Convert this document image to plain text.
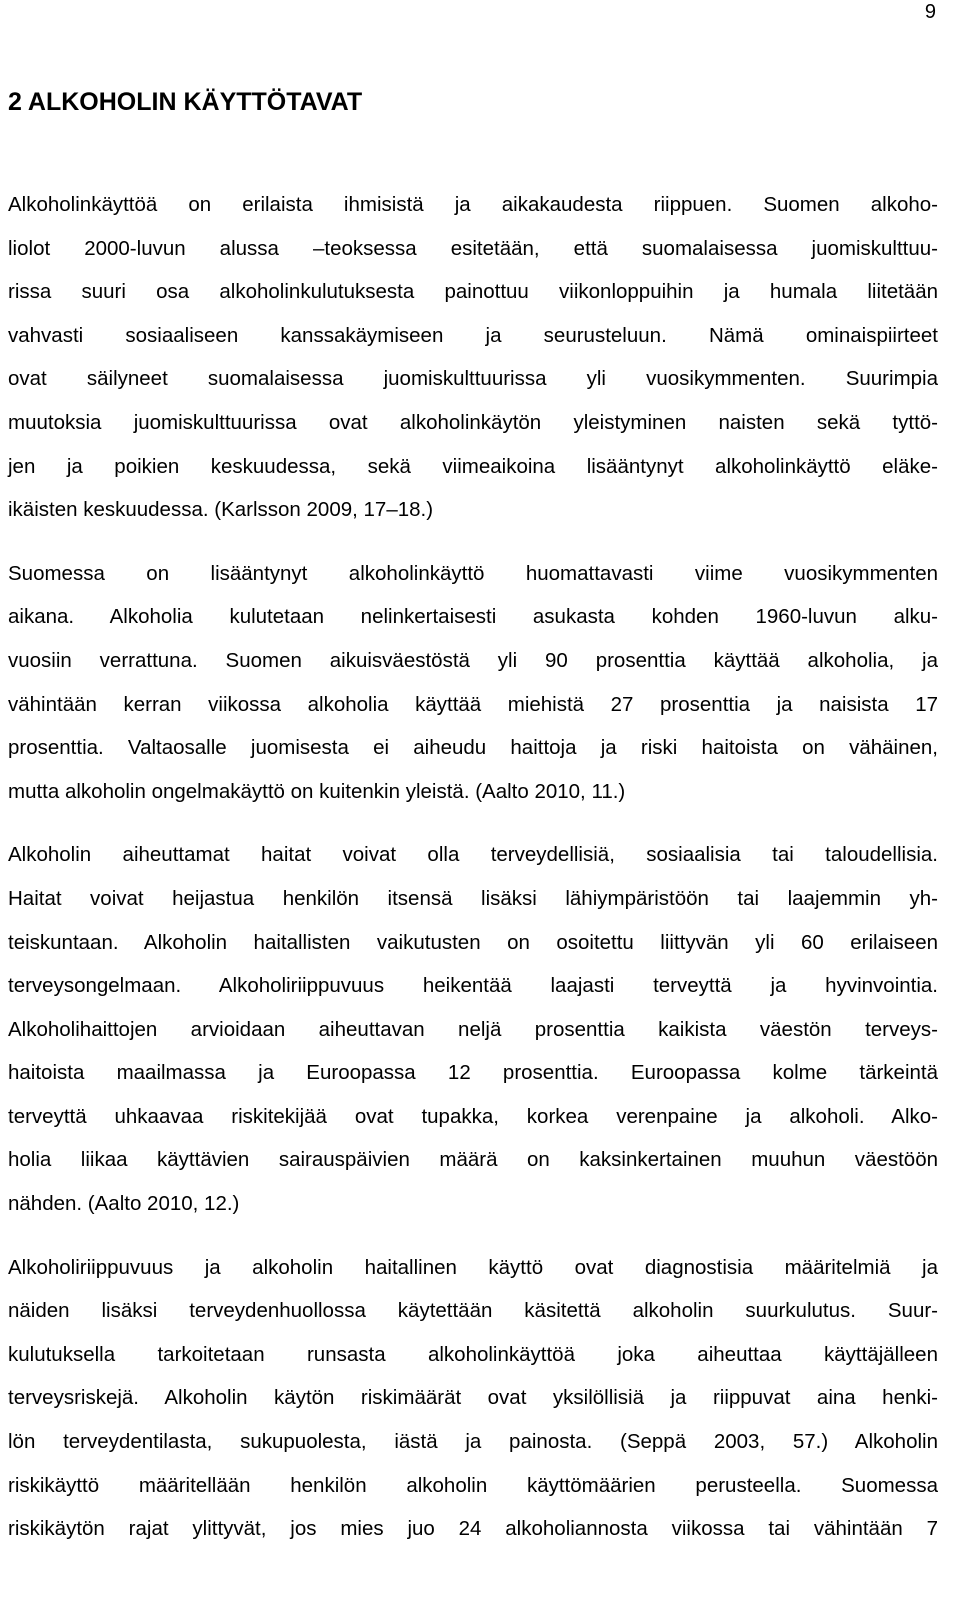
9
2 ALKOHOLIN KÄYTTÖTAVAT

Alkoholinkäyttöä on erilaista ihmisistä ja aikakaudesta riippuen. Suomen alkoho-
liolot 2000-luvun alussa –teoksessa esitetään, että suomalaisessa juomiskulttuu-
rissa suuri osa alkoholinkulutuksesta painottuu viikonloppuihin ja humala liitetään
vahvasti sosiaaliseen kanssakäymiseen ja seurusteluun. Nämä ominaispiirteet
ovat säilyneet suomalaisessa juomiskulttuurissa yli vuosikymmenten. Suurimpia
muutoksia juomiskulttuurissa ovat alkoholinkäytön yleistyminen naisten sekä tyttö-
jen ja poikien keskuudessa, sekä viimeaikoina lisääntynyt alkoholinkäyttö eläke-
ikäisten keskuudessa. (Karlsson 2009, 17–18.)

Suomessa on lisääntynyt alkoholinkäyttö huomattavasti viime vuosikymmenten
aikana. Alkoholia kulutetaan nelinkertaisesti asukasta kohden 1960-luvun alku-
vuosiin verrattuna. Suomen aikuisväestöstä yli 90 prosenttia käyttää alkoholia, ja
vähintään kerran viikossa alkoholia käyttää miehistä 27 prosenttia ja naisista 17
prosenttia. Valtaosalle juomisesta ei aiheudu haittoja ja riski haitoista on vähäinen,
mutta alkoholin ongelmakäyttö on kuitenkin yleistä. (Aalto 2010, 11.)

Alkoholin aiheuttamat haitat voivat olla terveydellisiä, sosiaalisia tai taloudellisia.
Haitat voivat heijastua henkilön itsensä lisäksi lähiympäristöön tai laajemmin yh-
teiskuntaan. Alkoholin haitallisten vaikutusten on osoitettu liittyvän yli 60 erilaiseen
terveysongelmaan. Alkoholiriippuvuus heikentää laajasti terveyttä ja hyvinvointia.
Alkoholihaittojen arvioidaan aiheuttavan neljä prosenttia kaikista väestön terveys-
haitoista maailmassa ja Euroopassa 12 prosenttia. Euroopassa kolme tärkeintä
terveyttä uhkaavaa riskitekijää ovat tupakka, korkea verenpaine ja alkoholi. Alko-
holia liikaa käyttävien sairauspäivien määrä on kaksinkertainen muuhun väestöön
nähden. (Aalto 2010, 12.)

Alkoholiriippuvuus ja alkoholin haitallinen käyttö ovat diagnostisia määritelmiä ja
näiden lisäksi terveydenhuollossa käytettään käsitettä alkoholin suurkulutus. Suur-
kulutuksella tarkoitetaan runsasta alkoholinkäyttöä joka aiheuttaa käyttäjälleen
terveysriskejä. Alkoholin käytön riskimäärät ovat yksilöllisiä ja riippuvat aina henki-
lön terveydentilasta, sukupuolesta, iästä ja painosta. (Seppä 2003, 57.) Alkoholin
riskikäyttö määritellään henkilön alkoholin käyttömäärien perusteella. Suomessa
riskikäytön rajat ylittyvät, jos mies juo 24 alkoholiannosta viikossa tai vähintään 7
